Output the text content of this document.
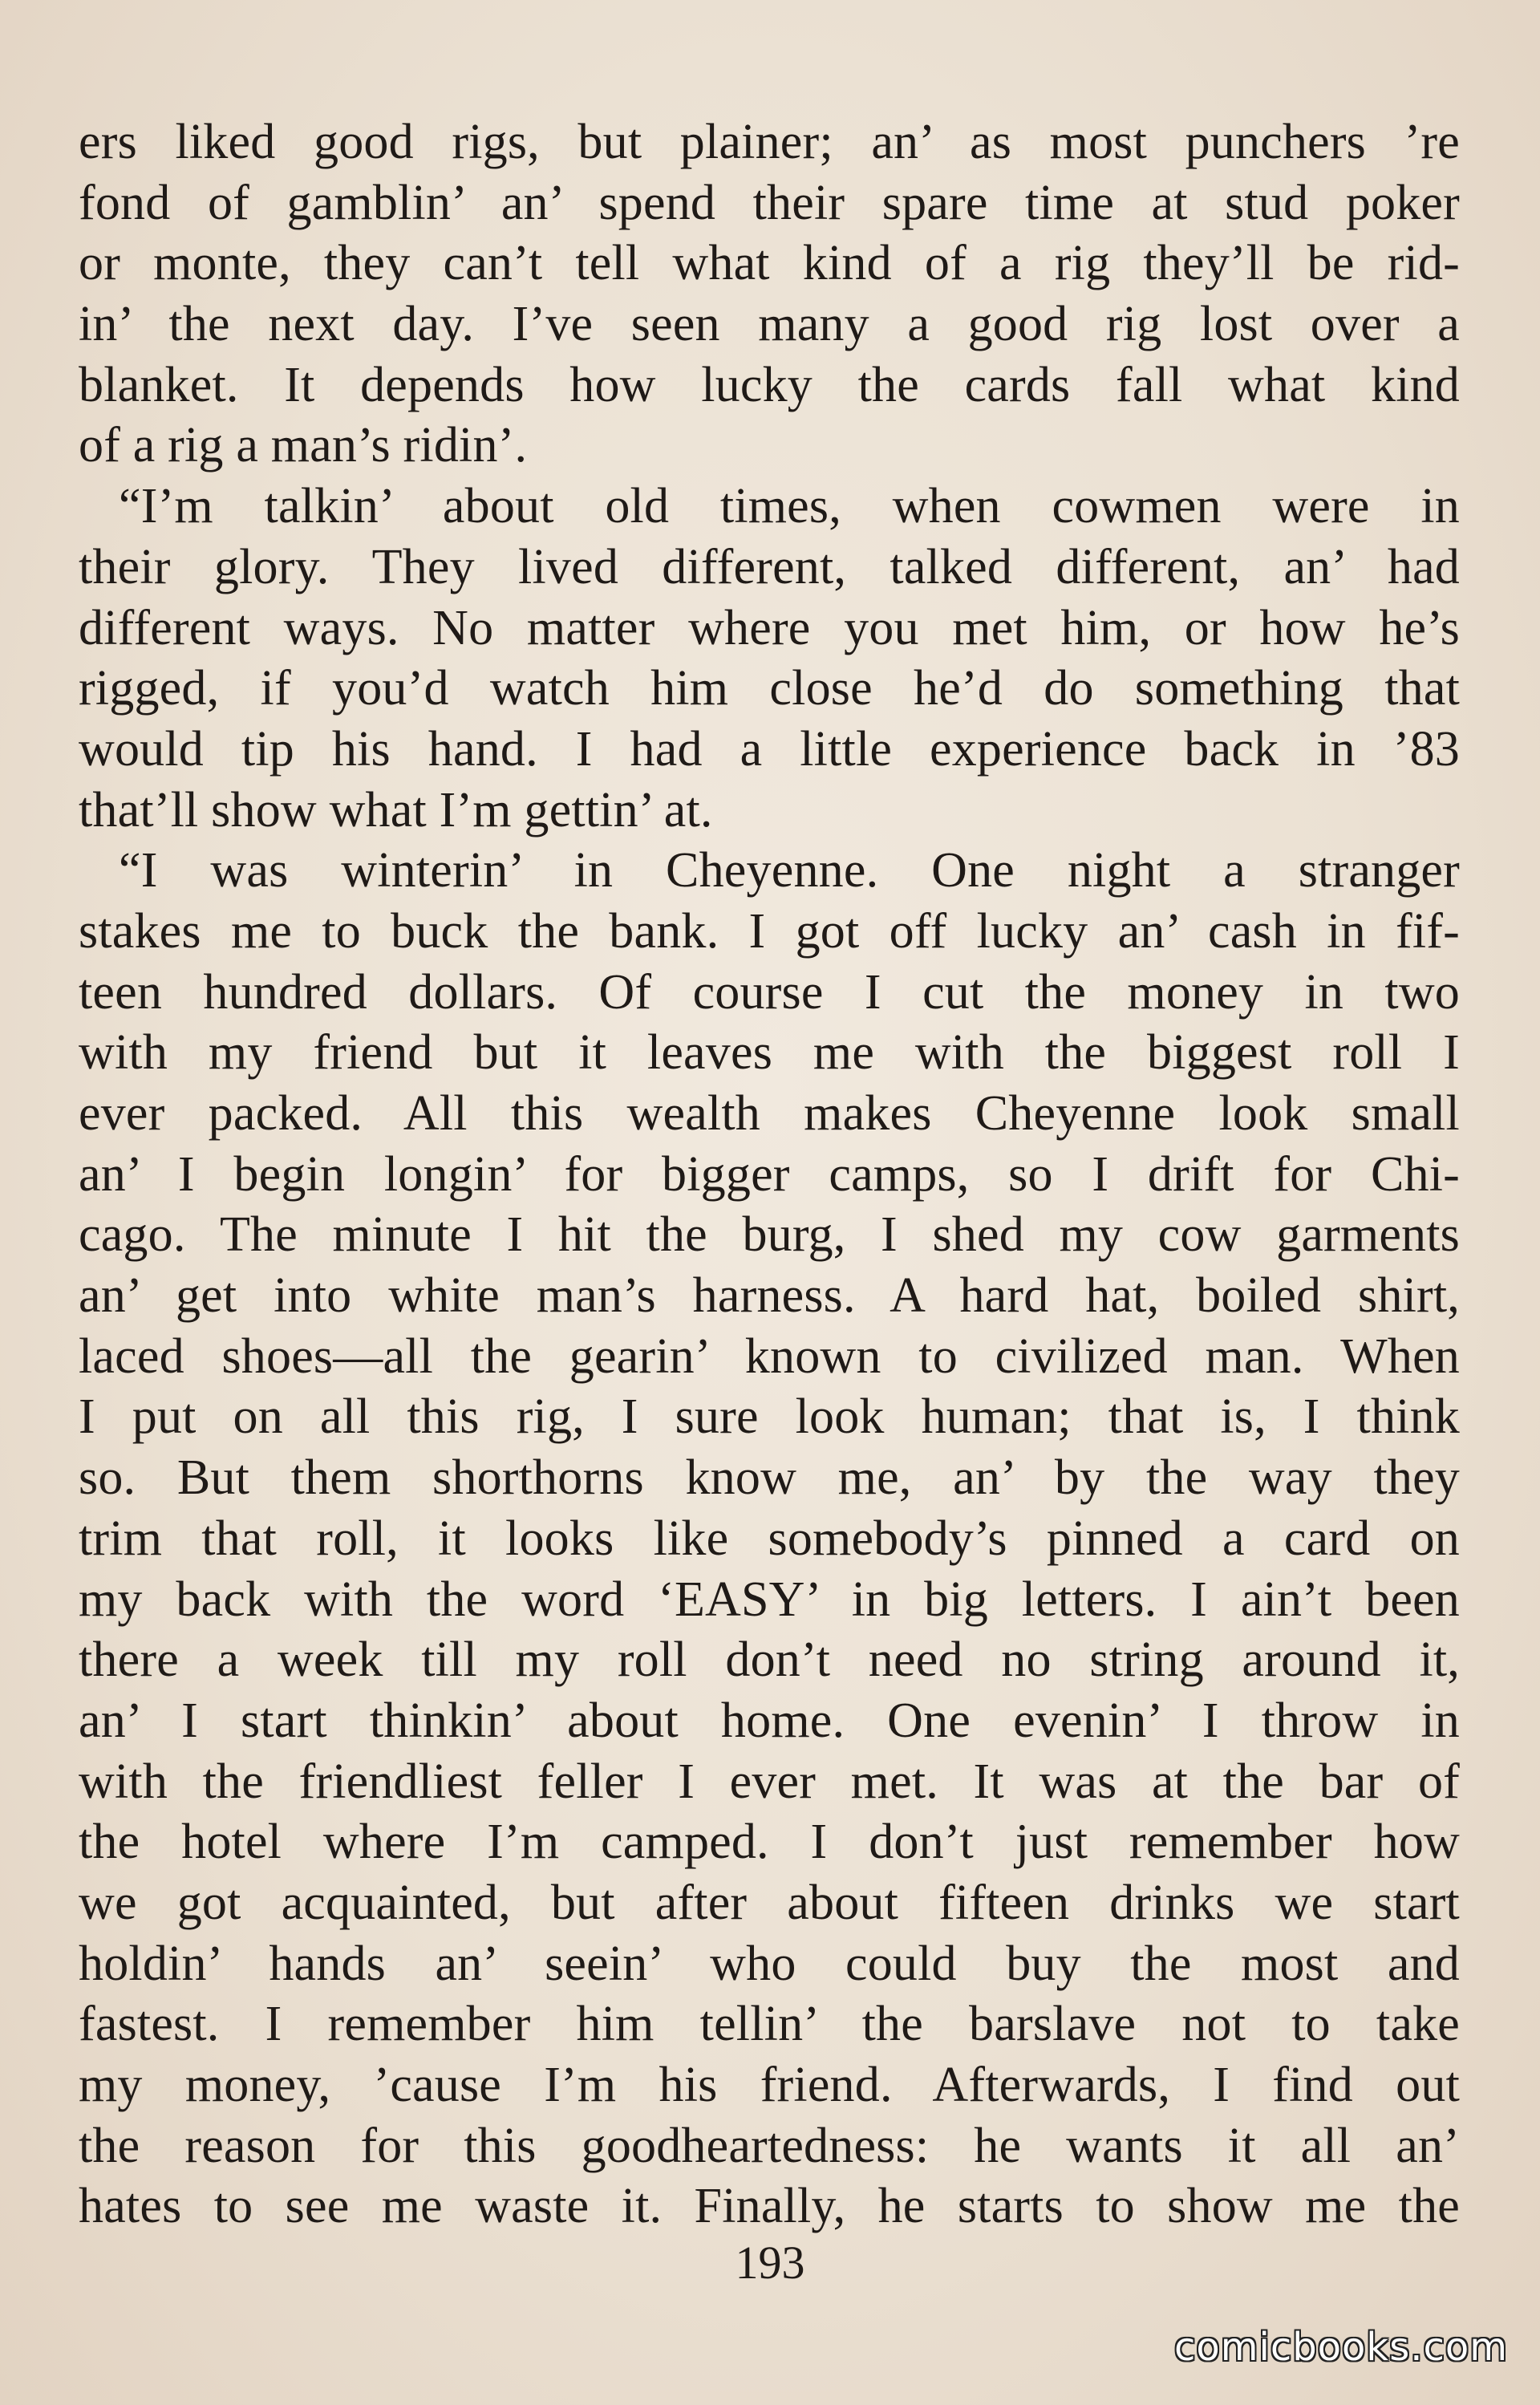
ers liked good rigs, but plainer; an’ as most punchers ’re
fond of gamblin’ an’ spend their spare time at stud poker
or monte, they can’t tell what kind of a rig they’ll be rid-
in’ the next day. I’ve seen many a good rig lost over a
blanket. It depends how lucky the cards fall what kind
of a rig a man’s ridin’.
“I’m talkin’ about old times, when cowmen were in
their glory. They lived different, talked different, an’ had
different ways. No matter where you met him, or how he’s
rigged, if you’d watch him close he’d do something that
would tip his hand. I had a little experience back in ’83
that’ll show what I’m gettin’ at.
“I was winterin’ in Cheyenne. One night a stranger
stakes me to buck the bank. I got off lucky an’ cash in fif-
teen hundred dollars. Of course I cut the money in two
with my friend but it leaves me with the biggest roll I
ever packed. All this wealth makes Cheyenne look small
an’ I begin longin’ for bigger camps, so I drift for Chi-
cago. The minute I hit the burg, I shed my cow garments
an’ get into white man’s harness. A hard hat, boiled shirt,
laced shoes—all the gearin’ known to civilized man. When
I put on all this rig, I sure look human; that is, I think
so. But them shorthorns know me, an’ by the way they
trim that roll, it looks like somebody’s pinned a card on
my back with the word ‘EASY’ in big letters. I ain’t been
there a week till my roll don’t need no string around it,
an’ I start thinkin’ about home. One evenin’ I throw in
with the friendliest feller I ever met. It was at the bar of
the hotel where I’m camped. I don’t just remember how
we got acquainted, but after about fifteen drinks we start
holdin’ hands an’ seein’ who could buy the most and
fastest. I remember him tellin’ the barslave not to take
my money, ’cause I’m his friend. Afterwards, I find out
the reason for this goodheartedness: he wants it all an’
hates to see me waste it. Finally, he starts to show me the
193
comicbooks.com
